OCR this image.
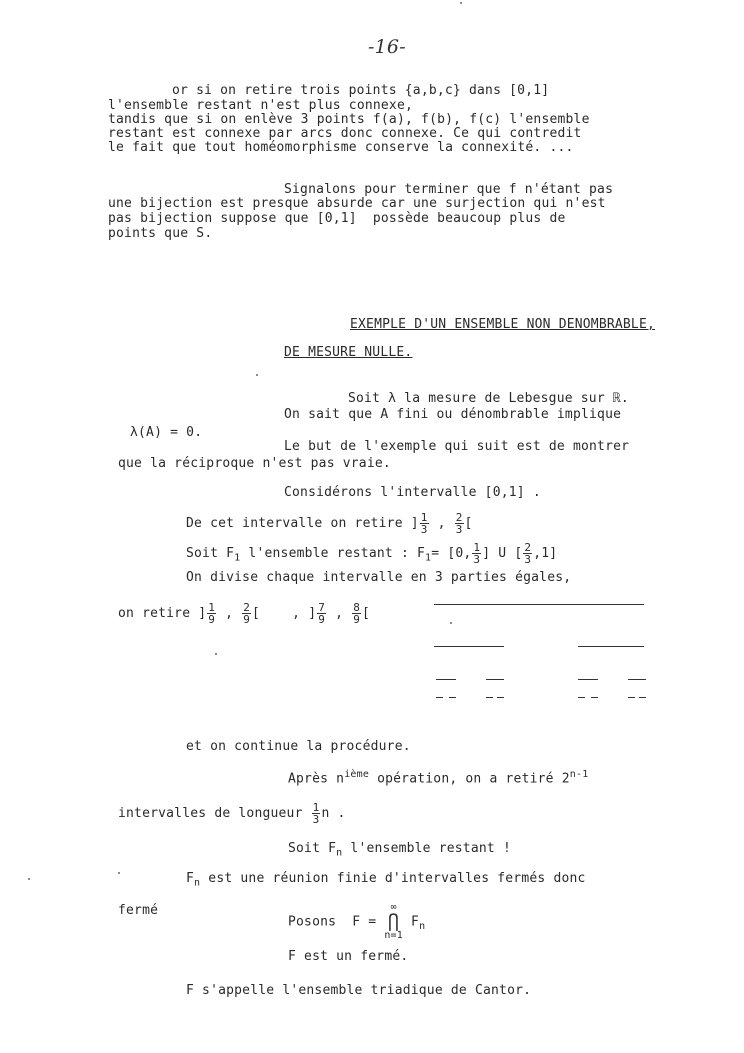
-16-
or si on retire trois points {a,b,c} dans [0,1]
l'ensemble restant n'est plus connexe,
tandis que si on enlève 3 points f(a), f(b), f(c) l'ensemble
restant est connexe par arcs donc connexe. Ce qui contredit
le fait que tout homéomorphisme conserve la connexité. ...
Signalons pour terminer que f n'étant pas
une bijection est presque absurde car une surjection qui n'est
pas bijection suppose que [0,1]  possède beaucoup plus de
points que S.
EXEMPLE D'UN ENSEMBLE NON DENOMBRABLE,
DE MESURE NULLE.
Soit λ la mesure de Lebesgue sur ℝ.
On sait que A fini ou dénombrable implique
λ(A) = 0.
Le but de l'exemple qui suit est de montrer
que la réciproque n'est pas vraie.
Considérons l'intervalle [0,1] .
De cet intervalle on retire ] $\frac{1}{3}$ , $\frac{2}{3}$ [
Soit $F_1$ l'ensemble restant : $F_1= [0$, $\frac{1}{3}$ ] U [ $\frac{2}{3} ,1$]
On divise chaque intervalle en 3 parties égales,
on retire ] $\frac{1}{9}$ , $\frac{2}{9}$ [    , ] $\frac{7}{9}$ , $\frac{8}{9}$ [
et on continue la procédure.
Après $n^{ième}$ opération, on a retiré 2$^{n-1}$
intervalles de longueur $\frac{1}{3}$ n .
Soit $F_n$ l'ensemble restant !
$F_n$ est une réunion finie d'intervalles fermés donc
fermé
Posons  F =
∞
⋂
n=1
$F_n$
F est un fermé.
F s'appelle l'ensemble triadique de Cantor.
